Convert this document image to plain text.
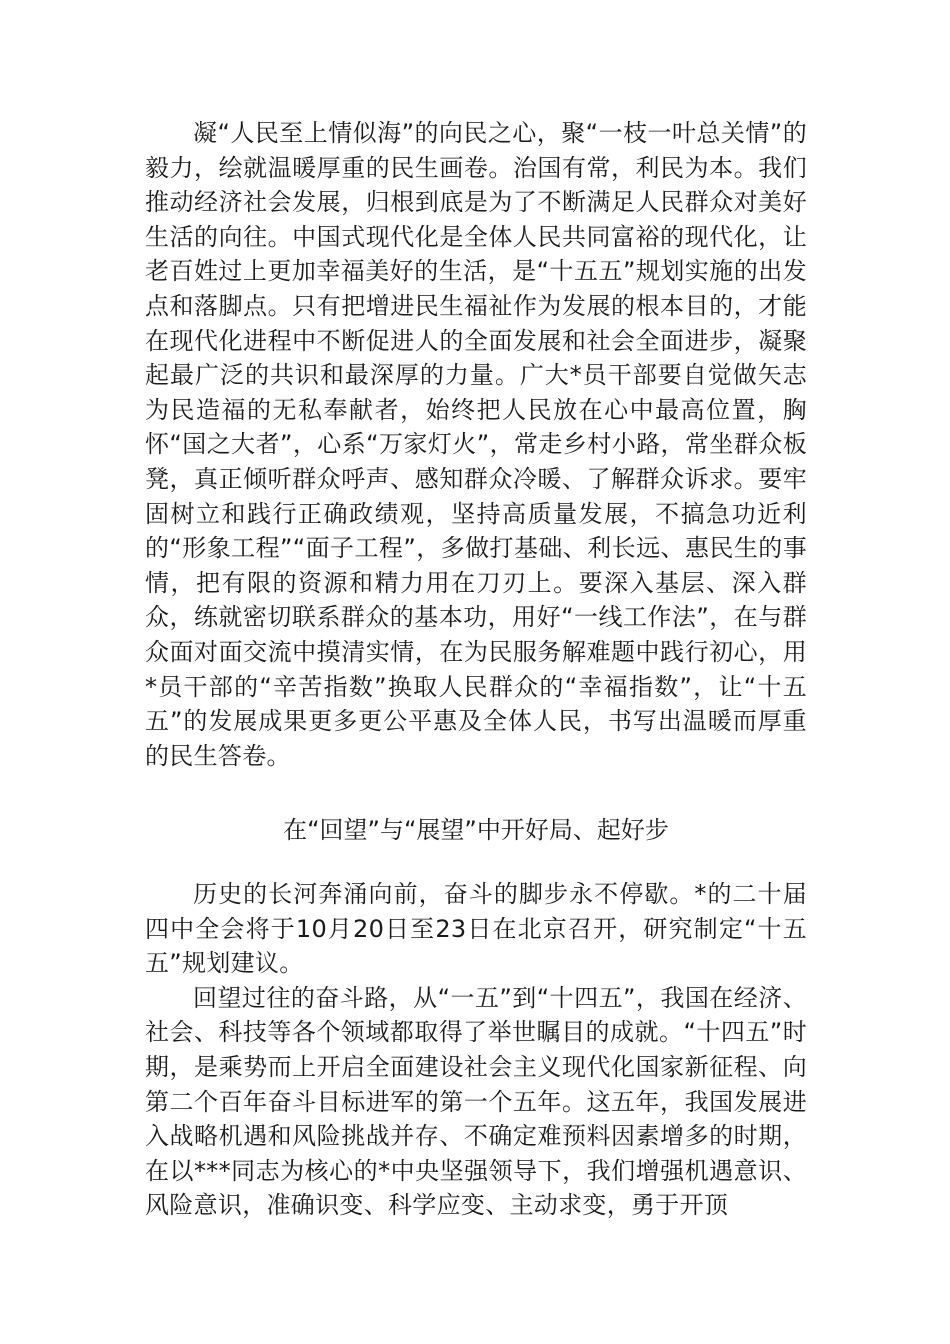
凝“人民至上情似海”的向民之心，聚“一枝一叶总关情”的毅力，绘就温暖厚重的民生画卷。治国有常，利民为本。我们推动经济社会发展，归根到底是为了不断满足人民群众对美好生活的向往。中国式现代化是全体人民共同富裕的现代化，让老百姓过上更加幸福美好的生活，是“十五五”规划实施的出发点和落脚点。只有把增进民生福祉作为发展的根本目的，才能在现代化进程中不断促进人的全面发展和社会全面进步，凝聚起最广泛的共识和最深厚的力量。广大*员干部要自觉做矢志为民造福的无私奉献者，始终把人民放在心中最高位置，胸怀“国之大者”，心系“万家灯火”，常走乡村小路，常坐群众板凳，真正倾听群众呼声、感知群众冷暖、了解群众诉求。要牢固树立和践行正确政绩观，坚持高质量发展，不搞急功近利的“形象工程”“面子工程”，多做打基础、利长远、惠民生的事情，把有限的资源和精力用在刀刃上。要深入基层、深入群众，练就密切联系群众的基本功，用好“一线工作法”，在与群众面对面交流中摸清实情，在为民服务解难题中践行初心，用*员干部的“辛苦指数”换取人民群众的“幸福指数”，让“十五五”的发展成果更多更公平惠及全体人民，书写出温暖而厚重的民生答卷。

在“回望”与“展望”中开好局、起好步

历史的长河奔涌向前，奋斗的脚步永不停歇。*的二十届四中全会将于10月20日至23日在北京召开，研究制定“十五五”规划建议。

回望过往的奋斗路，从“一五”到“十四五”，我国在经济、社会、科技等各个领域都取得了举世瞩目的成就。“十四五”时期，是乘势而上开启全面建设社会主义现代化国家新征程、向第二个百年奋斗目标进军的第一个五年。这五年，我国发展进入战略机遇和风险挑战并存、不确定难预料因素增多的时期，在以***同志为核心的*中央坚强领导下，我们增强机遇意识、风险意识，准确识变、科学应变、主动求变，勇于开顶
